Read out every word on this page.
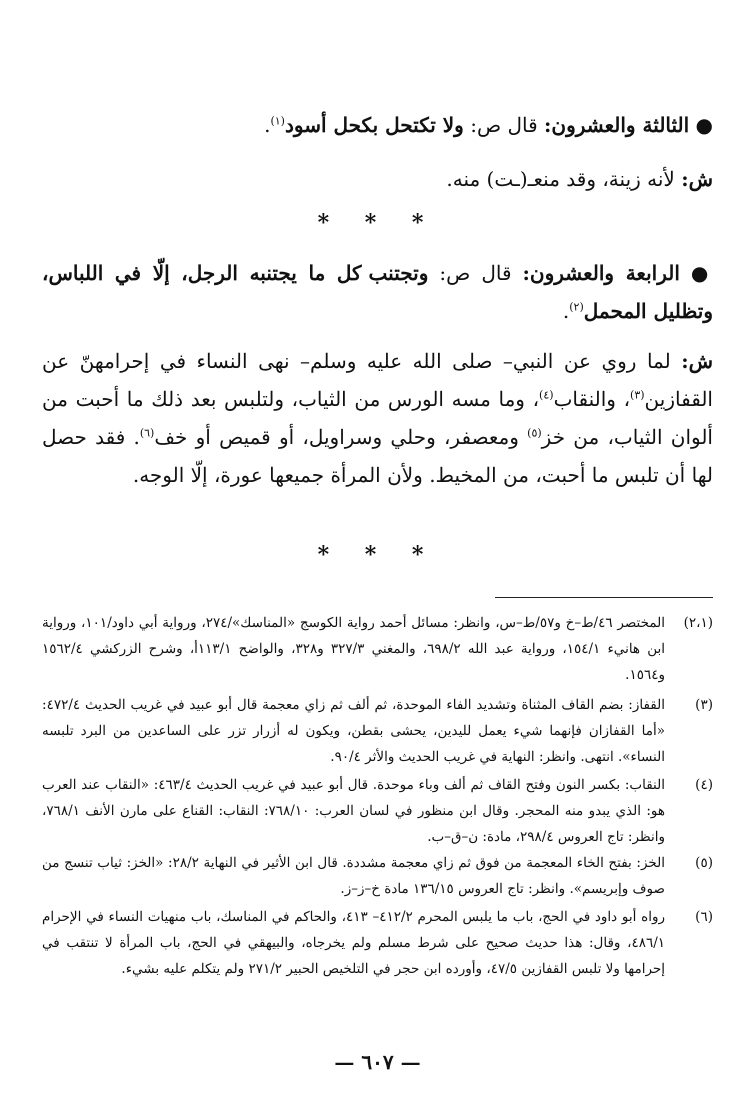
● الثالثة والعشرون: قال ص: ولا تكتحل بكحل أسود$^{(١)}$.
ش: لأنه زينة، وقد منعـ(ـت) منه.
* * *
● الرابعة والعشرون: قال ص: وتجتنب كل ما يجتنبه الرجل، إلّا في اللباس، وتظليل المحمل$^{(٢)}$.
ش: لما روي عن النبي– صلى الله عليه وسلم– نهى النساء في إحرامهنّ عن القفازين$^{(٣)}$، والنقاب$^{(٤)}$، وما مسه الورس من الثياب، ولتلبس بعد ذلك ما أحبت من ألوان الثياب، من خز$^{(٥)}$ ومعصفر، وحلي وسراويل، أو قميص أو خف$^{(٦)}$. فقد حصل لها أن تلبس ما أحبت، من المخيط. ولأن المرأة جميعها عورة، إلّا الوجه.
* * *
(٢،١)
المختصر ٤٦/ط–خ و٥٧/ط–س، وانظر: مسائل أحمد رواية الكوسج «المناسك»/٢٧٤، ورواية أبي داود/١٠١، ورواية ابن هانيء ١٥٤/١، ورواية عبد الله ٦٩٨/٢، والمغني ٣٢٧/٣ و٣٢٨، والواضح ١١٣/١أ، وشرح الزركشي ١٥٦٢/٤ و١٥٦٤.
(٣)
القفاز: بضم القاف المثناة وتشديد الفاء الموحدة، ثم ألف ثم زاي معجمة قال أبو عبيد في غريب الحديث ٤٧٢/٤: «أما القفازان فإنهما شيء يعمل لليدين، يحشى بقطن، ويكون له أزرار تزر على الساعدين من البرد تلبسه النساء». انتهى. وانظر: النهاية في غريب الحديث والأثر ٩٠/٤.
(٤)
النقاب: بكسر النون وفتح القاف ثم ألف وباء موحدة. قال أبو عبيد في غريب الحديث ٤٦٣/٤: «النقاب عند العرب هو: الذي يبدو منه المحجر. وقال ابن منظور في لسان العرب: ٧٦٨/١٠: النقاب: القناع على مارن الأنف ٧٦٨/١، وانظر: تاج العروس ٢٩٨/٤، مادة: ن–ق–ب.
(٥)
الخز: بفتح الخاء المعجمة من فوق ثم زاي معجمة مشددة. قال ابن الأثير في النهاية ٢٨/٢: «الخز: ثياب تنسج من صوف وإبريسم». وانظر: تاج العروس ١٣٦/١٥ مادة خ–ز–ز.
(٦)
رواه أبو داود في الحج، باب ما يلبس المحرم ٤١٢/٢– ٤١٣، والحاكم في المناسك، باب منهيات النساء في الإحرام ٤٨٦/١، وقال: هذا حديث صحيح على شرط مسلم ولم يخرجاه، والبيهقي في الحج، باب المرأة لا تنتقب في إحرامها ولا تلبس القفازين ٤٧/٥، وأورده ابن حجر في التلخيص الحبير ٢٧١/٢ ولم يتكلم عليه بشيء.
— ٦٠٧ —
